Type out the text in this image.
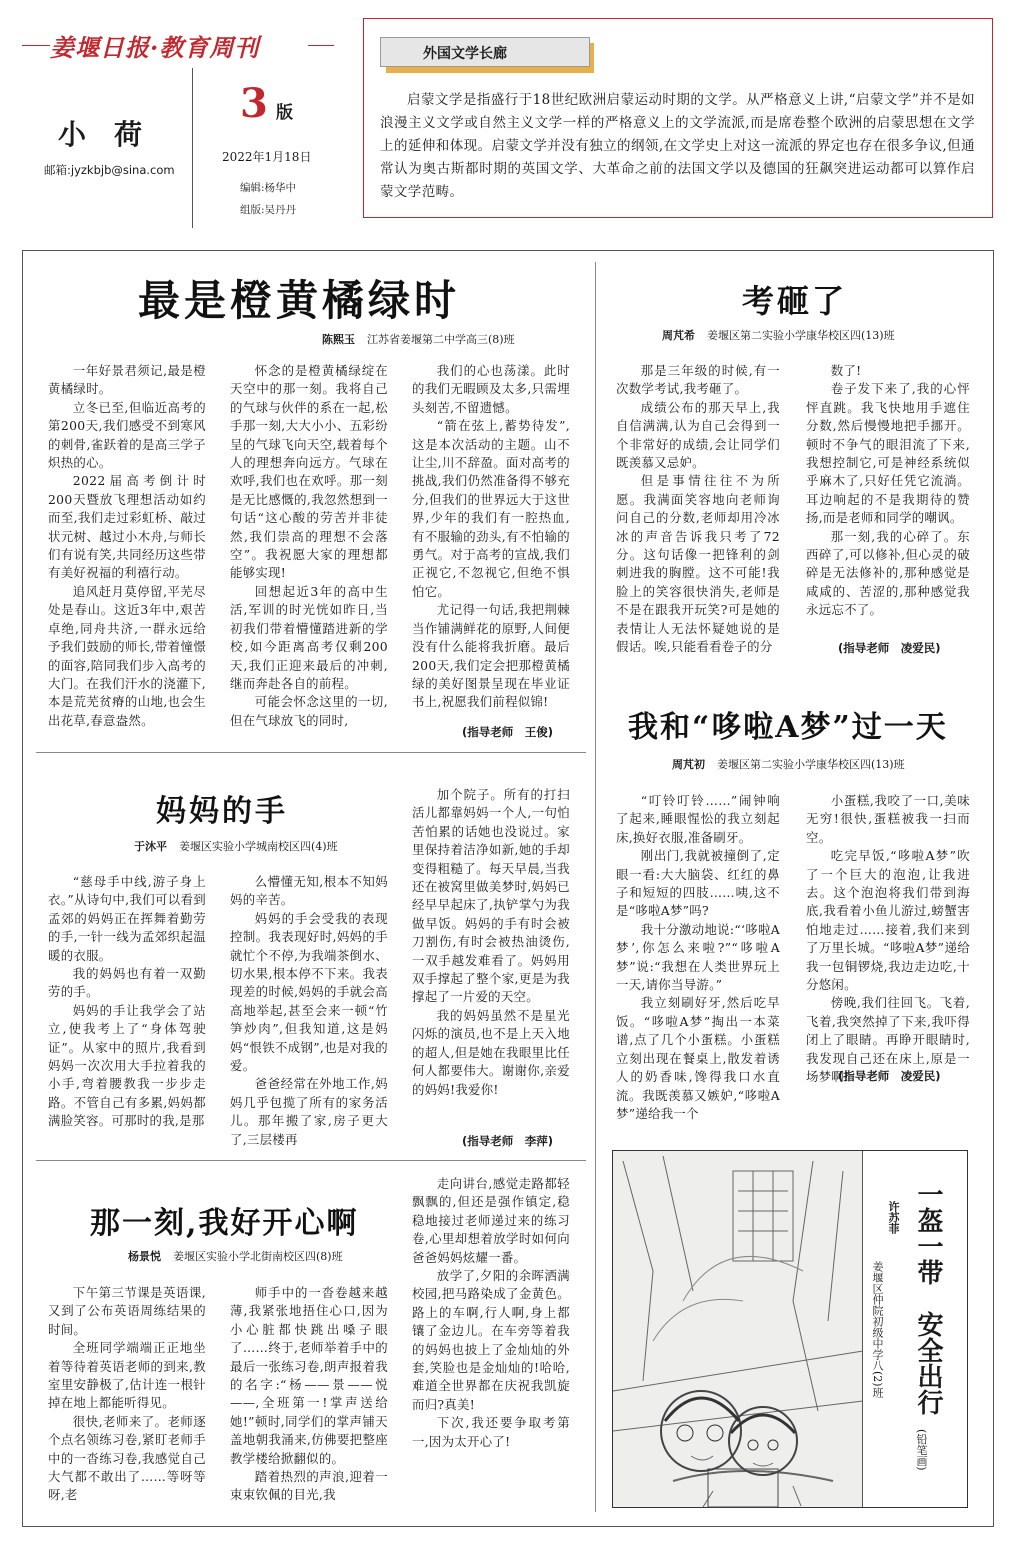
姜堰日报·教育周刊
小　荷
邮箱:jyzkbjb@sina.com
3 版
2022年1月18日
编辑:杨华中
组版:吴丹丹
外国文学长廊
启蒙文学是指盛行于18世纪欧洲启蒙运动时期的文学。从严格意义上讲,“启蒙文学”并不是如浪漫主义文学或自然主义文学一样的严格意义上的文学流派,而是席卷整个欧洲的启蒙思想在文学上的延伸和体现。启蒙文学并没有独立的纲领,在文学史上对这一流派的界定也存在很多争议,但通常认为奥古斯都时期的英国文学、大革命之前的法国文学以及德国的狂飙突进运动都可以算作启蒙文学范畴。
最是橙黄橘绿时
陈熙玉 江苏省姜堰第二中学高三(8)班

一年好景君须记,最是橙黄橘绿时。

立冬已至,但临近高考的第200天,我们感受不到寒风的刺骨,雀跃着的是高三学子炽热的心。

2022届高考倒计时200天暨放飞理想活动如约而至,我们走过彩虹桥、敲过状元树、越过小木舟,与师长们有说有笑,共同经历这些带有美好祝福的利禧行动。

追风赶月莫停留,平芜尽处是春山。这近3年中,艰苦卓绝,同舟共济,一群永远给予我们鼓励的师长,带着憧憬的面容,陪同我们步入高考的大门。在我们汗水的浇灌下,本是荒芜贫瘠的山地,也会生出花草,春意盎然。

怀念的是橙黄橘绿绽在天空中的那一刻。我将自己的气球与伙伴的系在一起,松手那一刻,大大小小、五彩纷呈的气球飞向天空,载着每个人的理想奔向远方。气球在欢呼,我们也在欢呼。那一刻是无比感慨的,我忽然想到一句话“这心酸的劳苦并非徒然,我们崇高的理想不会落空”。我祝愿大家的理想都能够实现!

回想起近3年的高中生活,军训的时光恍如昨日,当初我们带着懵懂踏进新的学校,如今距离高考仅剩200天,我们正迎来最后的冲刺,继而奔赴各自的前程。

可能会怀念这里的一切,但在气球放飞的同时,

我们的心也荡漾。此时的我们无暇顾及太多,只需埋头刻苦,不留遗憾。

“箭在弦上,蓄势待发”,这是本次活动的主题。山不让尘,川不辞盈。面对高考的挑战,我们仍然准备得不够充分,但我们的世界远大于这世界,少年的我们有一腔热血,有不服输的劲头,有不怕输的勇气。对于高考的宣战,我们正视它,不忽视它,但绝不惧怕它。

尤记得一句话,我把荆棘当作铺满鲜花的原野,人间便没有什么能将我折磨。最后200天,我们定会把那橙黄橘绿的美好图景呈现在毕业证书上,祝愿我们前程似锦!

(指导老师　王俊)
考砸了
周芃希 姜堰区第二实验小学康华校区四(13)班

那是三年级的时候,有一次数学考试,我考砸了。

成绩公布的那天早上,我自信满满,认为自己会得到一个非常好的成绩,会让同学们既羡慕又忌妒。

但是事情往往不为所愿。我满面笑容地向老师询问自己的分数,老师却用冷冰冰的声音告诉我只考了72分。这句话像一把锋利的剑刺进我的胸膛。这不可能!我脸上的笑容很快消失,老师是不是在跟我开玩笑?可是她的表情让人无法怀疑她说的是假话。唉,只能看看卷子的分

数了!

卷子发下来了,我的心怦怦直跳。我飞快地用手遮住分数,然后慢慢地把手挪开。顿时不争气的眼泪流了下来,我想控制它,可是神经系统似乎麻木了,只好任凭它流淌。耳边响起的不是我期待的赞扬,而是老师和同学的嘲讽。

那一刻,我的心碎了。东西碎了,可以修补,但心灵的破碎是无法修补的,那种感觉是咸咸的、苦涩的,那种感觉我永远忘不了。

(指导老师　凌爱民)
我和“哆啦A梦”过一天
周芃初 姜堰区第二实验小学康华校区四(13)班

“叮铃叮铃……”闹钟响了起来,睡眼惺忪的我立刻起床,换好衣服,准备刷牙。

刚出门,我就被撞倒了,定眼一看:大大脑袋、红红的鼻子和短短的四肢……咦,这不是“哆啦A梦”吗?

我十分激动地说:“‘哆啦A梦’,你怎么来啦?”“哆啦A梦”说:“我想在人类世界玩上一天,请你当导游。”

我立刻刷好牙,然后吃早饭。“哆啦A梦”掏出一本菜谱,点了几个小蛋糕。小蛋糕立刻出现在餐桌上,散发着诱人的奶香味,馋得我口水直流。我既羡慕又嫉妒,“哆啦A梦”递给我一个

小蛋糕,我咬了一口,美味无穷!很快,蛋糕被我一扫而空。

吃完早饭,“哆啦A梦”吹了一个巨大的泡泡,让我进去。这个泡泡将我们带到海底,我看着小鱼儿游过,螃蟹害怕地走过……接着,我们来到了万里长城。“哆啦A梦”递给我一包铜锣烧,我边走边吃,十分悠闲。

傍晚,我们往回飞。飞着,飞着,我突然掉了下来,我吓得闭上了眼睛。再睁开眼睛时,我发现自己还在床上,原是一场梦啊!

(指导老师　凌爱民)
妈妈的手
于沐平 姜堰区实验小学城南校区四(4)班

“慈母手中线,游子身上衣。”从诗句中,我们可以看到孟郊的妈妈正在挥舞着勤劳的手,一针一线为孟郊织起温暖的衣服。

我的妈妈也有着一双勤劳的手。

妈妈的手让我学会了站立,使我考上了“身体驾驶证”。从家中的照片,我看到妈妈一次次用大手拉着我的小手,弯着腰教我一步步走路。不管自己有多累,妈妈都满脸笑容。可那时的我,是那

么懵懂无知,根本不知妈妈的辛苦。

妈妈的手会受我的表现控制。我表现好时,妈妈的手就忙个不停,为我端茶倒水、切水果,根本停不下来。我表现差的时候,妈妈的手就会高高地举起,甚至会来一顿“竹笋炒肉”,但我知道,这是妈妈“恨铁不成钢”,也是对我的爱。

爸爸经常在外地工作,妈妈几乎包揽了所有的家务活儿。那年搬了家,房子更大了,三层楼再

加个院子。所有的打扫活儿都靠妈妈一个人,一句怕苦怕累的话她也没说过。家里保持着洁净如新,她的手却变得粗糙了。每天早晨,当我还在被窝里做美梦时,妈妈已经早早起床了,执铲掌勺为我做早饭。妈妈的手有时会被刀割伤,有时会被热油烫伤,一双手越发难看了。妈妈用双手撑起了整个家,更是为我撑起了一片爱的天空。

我的妈妈虽然不是星光闪烁的演员,也不是上天入地的超人,但是她在我眼里比任何人都要伟大。谢谢你,亲爱的妈妈!我爱你!

(指导老师　李萍)
那一刻,我好开心啊
杨景悦 姜堰区实验小学北街南校区四(8)班

下午第三节课是英语课,又到了公布英语周练结果的时间。

全班同学端端正正地坐着等待着英语老师的到来,教室里安静极了,估计连一根针掉在地上都能听得见。

很快,老师来了。老师逐个点名领练习卷,紧盯老师手中的一沓练习卷,我感觉自己大气都不敢出了……等呀等呀,老

师手中的一沓卷越来越薄,我紧张地捂住心口,因为小心脏都快跳出嗓子眼了……终于,老师举着手中的最后一张练习卷,朗声报着我的名字:“杨——景——悦——,全班第一!掌声送给她!”顿时,同学们的掌声铺天盖地朝我涌来,仿佛要把整座教学楼给掀翻似的。

踏着热烈的声浪,迎着一束束钦佩的目光,我

走向讲台,感觉走路都轻飘飘的,但还是强作镇定,稳稳地接过老师递过来的练习卷,心里却想着放学时如何向爸爸妈妈炫耀一番。

放学了,夕阳的余晖洒满校园,把马路染成了金黄色。路上的车啊,行人啊,身上都镶了金边儿。在车旁等着我的妈妈也披上了金灿灿的外套,笑脸也是金灿灿的!哈哈,难道全世界都在庆祝我凯旋而归?真美!

下次,我还要争取考第一,因为太开心了!

一盔一带　安全出行
(铅笔画)
许苏菲
姜堰区仲院初级中学八(2)班
